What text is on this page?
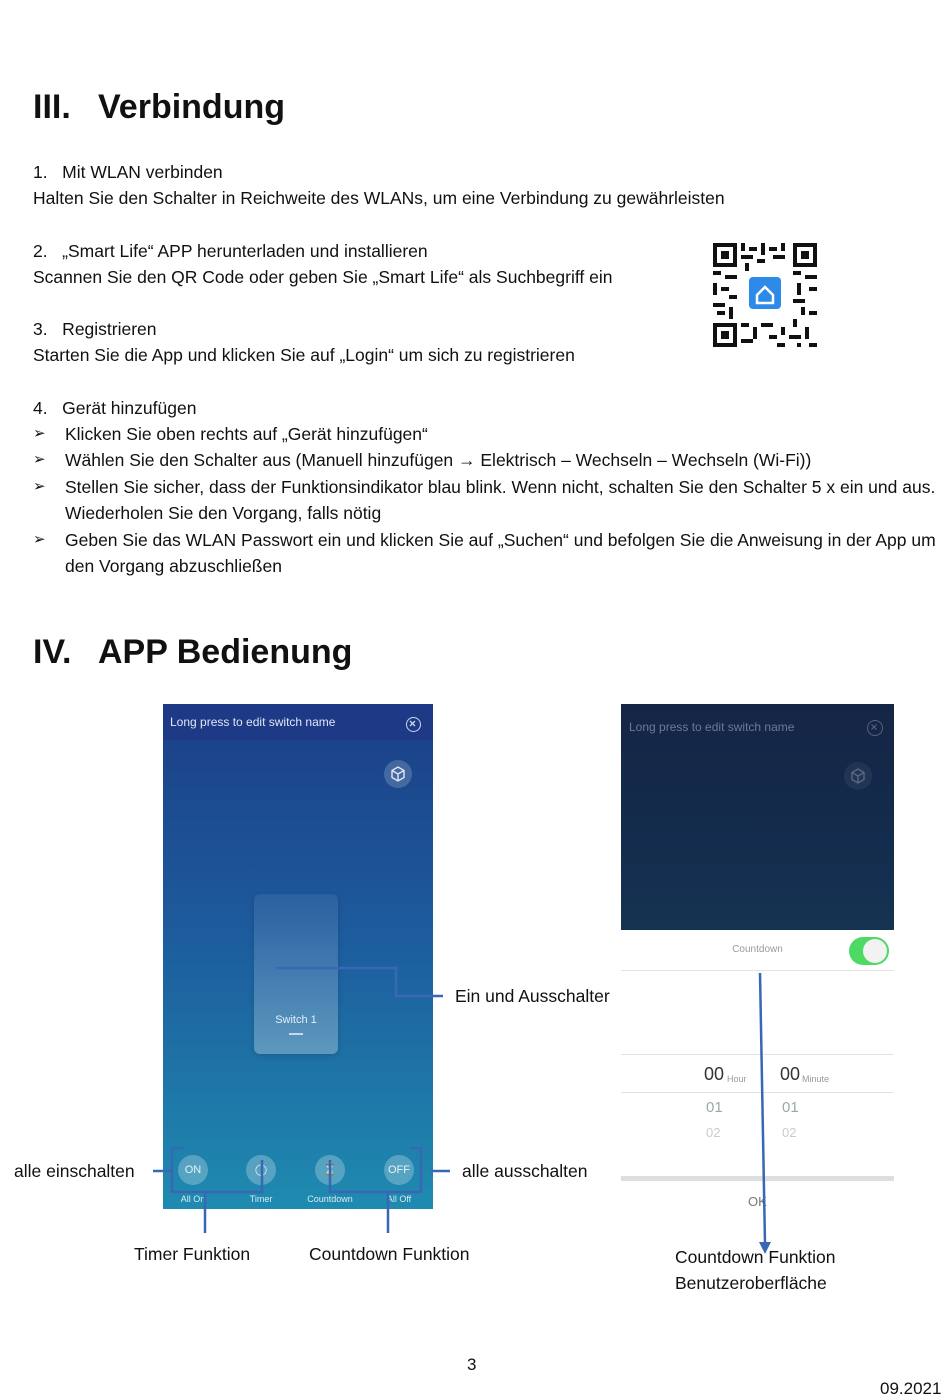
III. Verbindung
1.   Mit WLAN verbinden
Halten Sie den Schalter in Reichweite des WLANs, um eine Verbindung zu gewährleisten
2.   „Smart Life“ APP herunterladen und installieren
Scannen Sie den QR Code oder geben Sie „Smart Life“ als Suchbegriff ein
3.   Registrieren
Starten Sie die App und klicken Sie auf „Login“ um sich zu registrieren
4.   Gerät hinzufügen
➢ Klicken Sie oben rechts auf „Gerät hinzufügen“
➢ Wählen Sie den Schalter aus (Manuell hinzufügen → Elektrisch – Wechseln – Wechseln (Wi-Fi))
➢ Stellen Sie sicher, dass der Funktionsindikator blau blink. Wenn nicht, schalten Sie den Schalter 5 x ein und aus. Wiederholen Sie den Vorgang, falls nötig
➢ Geben Sie das WLAN Passwort ein und klicken Sie auf „Suchen“ und befolgen Sie die Anweisung in der App um den Vorgang abzuschließen
IV. APP Bedienung
Long press to edit switch name
Switch 1
ON	◯	⌛	OFF
All On	Timer	Countdown	All Off
Long press to edit switch name
Countdown
00 Hour 00 Minute
01	01
02	02
OK
Ein und Ausschalter
alle einschalten	alle ausschalten
Timer Funktion	Countdown Funktion	Countdown Funktion
Benutzeroberfläche
3
09.2021
